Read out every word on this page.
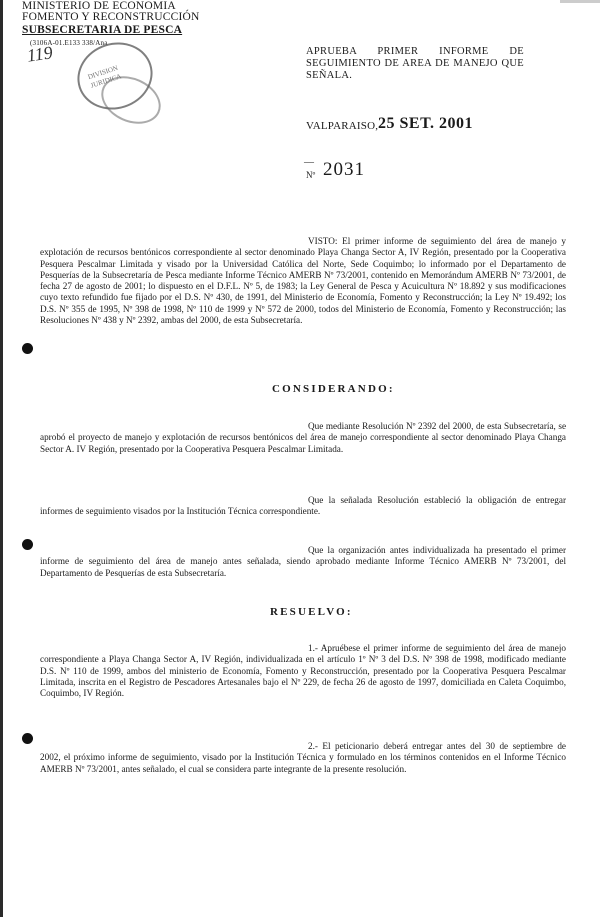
MINISTERIO DE ECONOMIA
FOMENTO Y RECONSTRUCCIÓN
SUBSECRETARIA DE PESCA
(3106A-01.E133 338/Ana
119
DIVISION JURIDICA
APRUEBA PRIMER INFORME DE SEGUIMIENTO DE AREA DE MANEJO QUE SEÑALA.
VALPARAISO, 25 SET. 2001
—
Nº 2031
VISTO: El primer informe de seguimiento del área de manejo y explotación de recursos bentónicos correspondiente al sector denominado Playa Changa Sector A, IV Región, presentado por la Cooperativa Pesquera Pescalmar Limitada y visado por la Universidad Católica del Norte, Sede Coquimbo; lo informado por el Departamento de Pesquerías de la Subsecretaría de Pesca mediante Informe Técnico AMERB Nº 73/2001, contenido en Memorándum AMERB Nº 73/2001, de fecha 27 de agosto de 2001; lo dispuesto en el D.F.L. Nº 5, de 1983; la Ley General de Pesca y Acuicultura Nº 18.892 y sus modificaciones cuyo texto refundido fue fijado por el D.S. Nº 430, de 1991, del Ministerio de Economía, Fomento y Reconstrucción; la Ley Nº 19.492; los D.S. Nº 355 de 1995, Nº 398 de 1998, Nº 110 de 1999 y Nº 572 de 2000, todos del Ministerio de Economía, Fomento y Reconstrucción; las Resoluciones Nº 438 y Nº 2392, ambas del 2000, de esta Subsecretaría.
CONSIDERANDO:
Que mediante Resolución Nº 2392 del 2000, de esta Subsecretaría, se aprobó el proyecto de manejo y explotación de recursos bentónicos del área de manejo correspondiente al sector denominado Playa Changa Sector A. IV Región, presentado por la Cooperativa Pesquera Pescalmar Limitada.
Que la señalada Resolución estableció la obligación de entregar informes de seguimiento visados por la Institución Técnica correspondiente.
Que la organización antes individualizada ha presentado el primer informe de seguimiento del área de manejo antes señalada, siendo aprobado mediante Informe Técnico AMERB Nº 73/2001, del Departamento de Pesquerías de esta Subsecretaría.
RESUELVO:
1.- Apruébese el primer informe de seguimiento del área de manejo correspondiente a Playa Changa Sector A, IV Región, individualizada en el artículo 1º Nº 3 del D.S. Nº 398 de 1998, modificado mediante D.S. Nº 110 de 1999, ambos del ministerio de Economía, Fomento y Reconstrucción, presentado por la Cooperativa Pesquera Pescalmar Limitada, inscrita en el Registro de Pescadores Artesanales bajo el Nº 229, de fecha 26 de agosto de 1997, domiciliada en Caleta Coquimbo, Coquimbo, IV Región.
2.- El peticionario deberá entregar antes del 30 de septiembre de 2002, el próximo informe de seguimiento, visado por la Institución Técnica y formulado en los términos contenidos en el Informe Técnico AMERB Nº 73/2001, antes señalado, el cual se considera parte integrante de la presente resolución.
